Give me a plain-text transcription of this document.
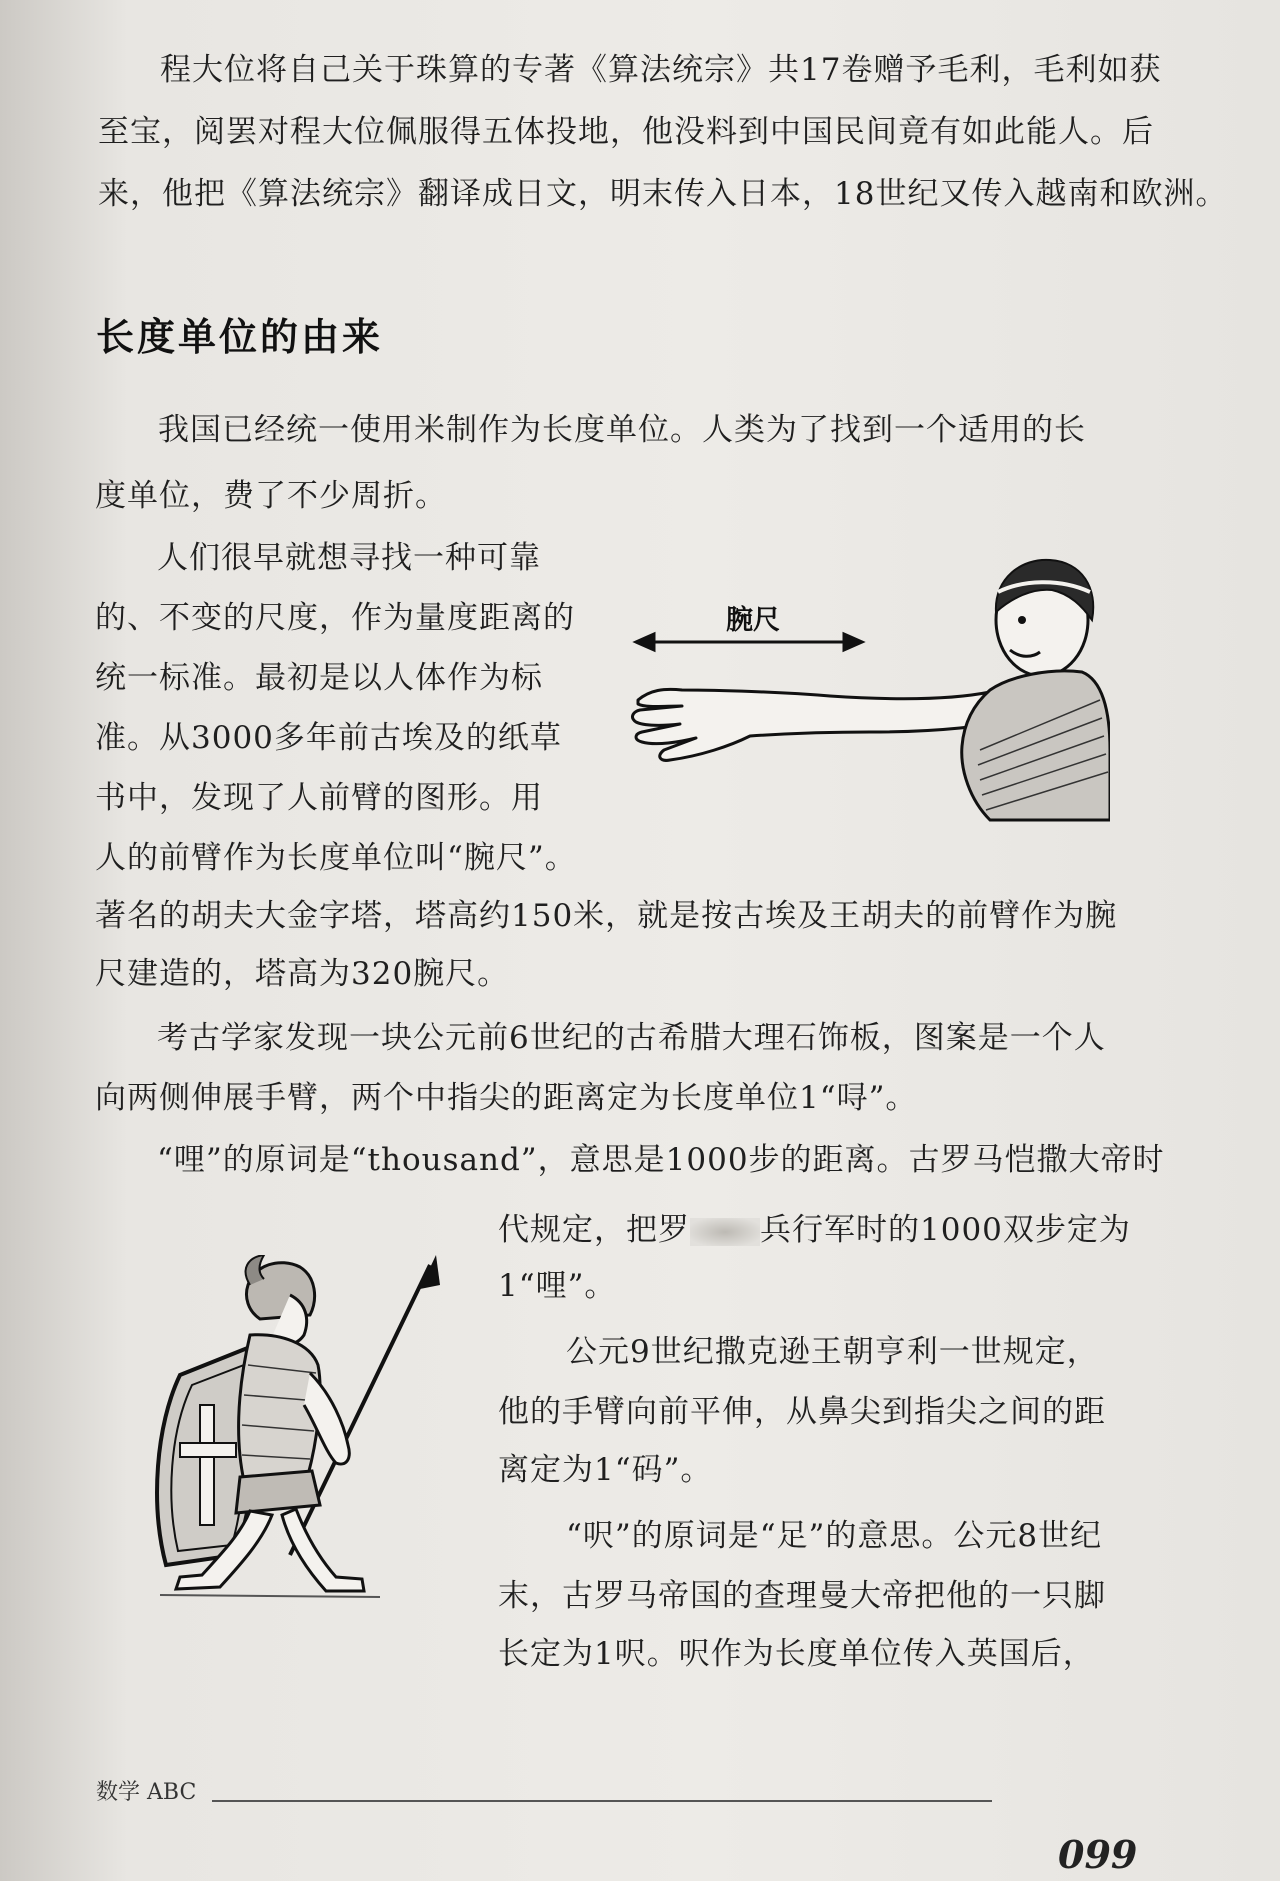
程大位将自己关于珠算的专著《算法统宗》共17卷赠予毛利，毛利如获

至宝，阅罢对程大位佩服得五体投地，他没料到中国民间竟有如此能人。后

来，他把《算法统宗》翻译成日文，明末传入日本，18世纪又传入越南和欧洲。

长度单位的由来

我国已经统一使用米制作为长度单位。人类为了找到一个适用的长

度单位，费了不少周折。

人们很早就想寻找一种可靠

的、不变的尺度，作为量度距离的

统一标准。最初是以人体作为标

准。从3000多年前古埃及的纸草

书中，发现了人前臂的图形。用

人的前臂作为长度单位叫“腕尺”。

著名的胡夫大金字塔，塔高约150米，就是按古埃及王胡夫的前臂作为腕

尺建造的，塔高为320腕尺。

腕尺

考古学家发现一块公元前6世纪的古希腊大理石饰板，图案是一个人

向两侧伸展手臂，两个中指尖的距离定为长度单位1“㖊”。

“哩”的原词是“thousand”，意思是1000步的距离。古罗马恺撒大帝时

代规定，把罗 兵行军时的1000双步定为

1“哩”。

公元9世纪撒克逊王朝亨利一世规定，

他的手臂向前平伸，从鼻尖到指尖之间的距

离定为1“码”。

“呎”的原词是“足”的意思。公元8世纪

末，古罗马帝国的查理曼大帝把他的一只脚

长定为1呎。呎作为长度单位传入英国后，

数学 ABC
099
